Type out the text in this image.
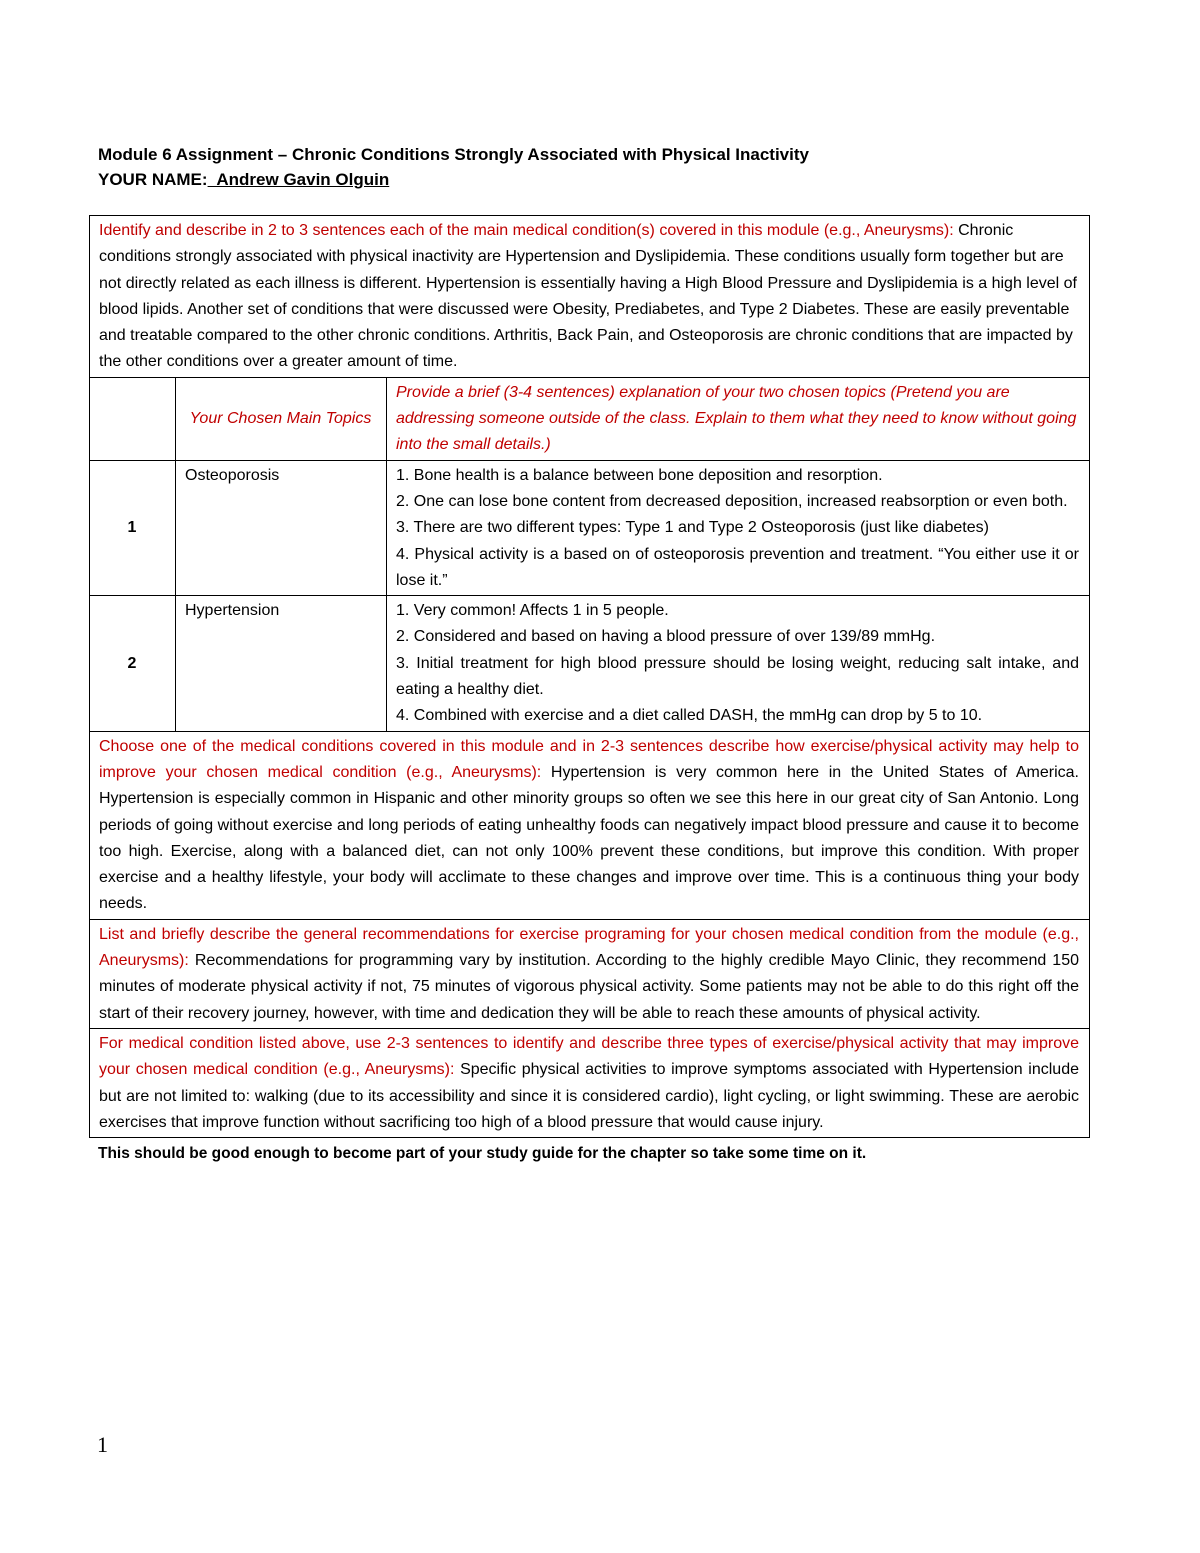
Module 6 Assignment – Chronic Conditions Strongly Associated with Physical Inactivity
YOUR NAME:  Andrew Gavin Olguin
Identify and describe in 2 to 3 sentences each of the main medical condition(s) covered in this module (e.g., Aneurysms): Chronic conditions strongly associated with physical inactivity are Hypertension and Dyslipidemia. These conditions usually form together but are not directly related as each illness is different. Hypertension is essentially having a High Blood Pressure and Dyslipidemia is a high level of blood lipids. Another set of conditions that were discussed were Obesity, Prediabetes, and Type 2 Diabetes. These are easily preventable and treatable compared to the other chronic conditions. Arthritis, Back Pain, and Osteoporosis are chronic conditions that are impacted by the other conditions over a greater amount of time.		
	Your Chosen Main Topics	Provide a brief (3-4 sentences) explanation of your two chosen topics (Pretend you are addressing someone outside of the class. Explain to them what they need to know without going into the small details.)
1	Osteoporosis	1. Bone health is a balance between bone deposition and resorption.
2. One can lose bone content from decreased deposition, increased reabsorption or even both.
3. There are two different types: Type 1 and Type 2 Osteoporosis (just like diabetes)
4. Physical activity is a based on of osteoporosis prevention and treatment. “You either use it or lose it.”

2	Hypertension	1. Very common! Affects 1 in 5 people.
2. Considered and based on having a blood pressure of over 139/89 mmHg.
3. Initial treatment for high blood pressure should be losing weight, reducing salt intake, and eating a healthy diet.
4. Combined with exercise and a diet called DASH, the mmHg can drop by 5 to 10.

Choose one of the medical conditions covered in this module and in 2-3 sentences describe how exercise/physical activity may help to improve your chosen medical condition (e.g., Aneurysms): Hypertension is very common here in the United States of America. Hypertension is especially common in Hispanic and other minority groups so often we see this here in our great city of San Antonio. Long periods of going without exercise and long periods of eating unhealthy foods can negatively impact blood pressure and cause it to become too high. Exercise, along with a balanced diet, can not only 100% prevent these conditions, but improve this condition. With proper exercise and a healthy lifestyle, your body will acclimate to these changes and improve over time. This is a continuous thing your body needs.		
List and briefly describe the general recommendations for exercise programing for your chosen medical condition from the module (e.g., Aneurysms): Recommendations for programming vary by institution. According to the highly credible Mayo Clinic, they recommend 150 minutes of moderate physical activity if not, 75 minutes of vigorous physical activity. Some patients may not be able to do this right off the start of their recovery journey, however, with time and dedication they will be able to reach these amounts of physical activity.		
For medical condition listed above, use 2-3 sentences to identify and describe three types of exercise/physical activity that may improve your chosen medical condition (e.g., Aneurysms): Specific physical activities to improve symptoms associated with Hypertension include but are not limited to: walking (due to its accessibility and since it is considered cardio), light cycling, or light swimming. These are aerobic exercises that improve function without sacrificing too high of a blood pressure that would cause injury.		
This should be good enough to become part of your study guide for the chapter so take some time on it.
1
